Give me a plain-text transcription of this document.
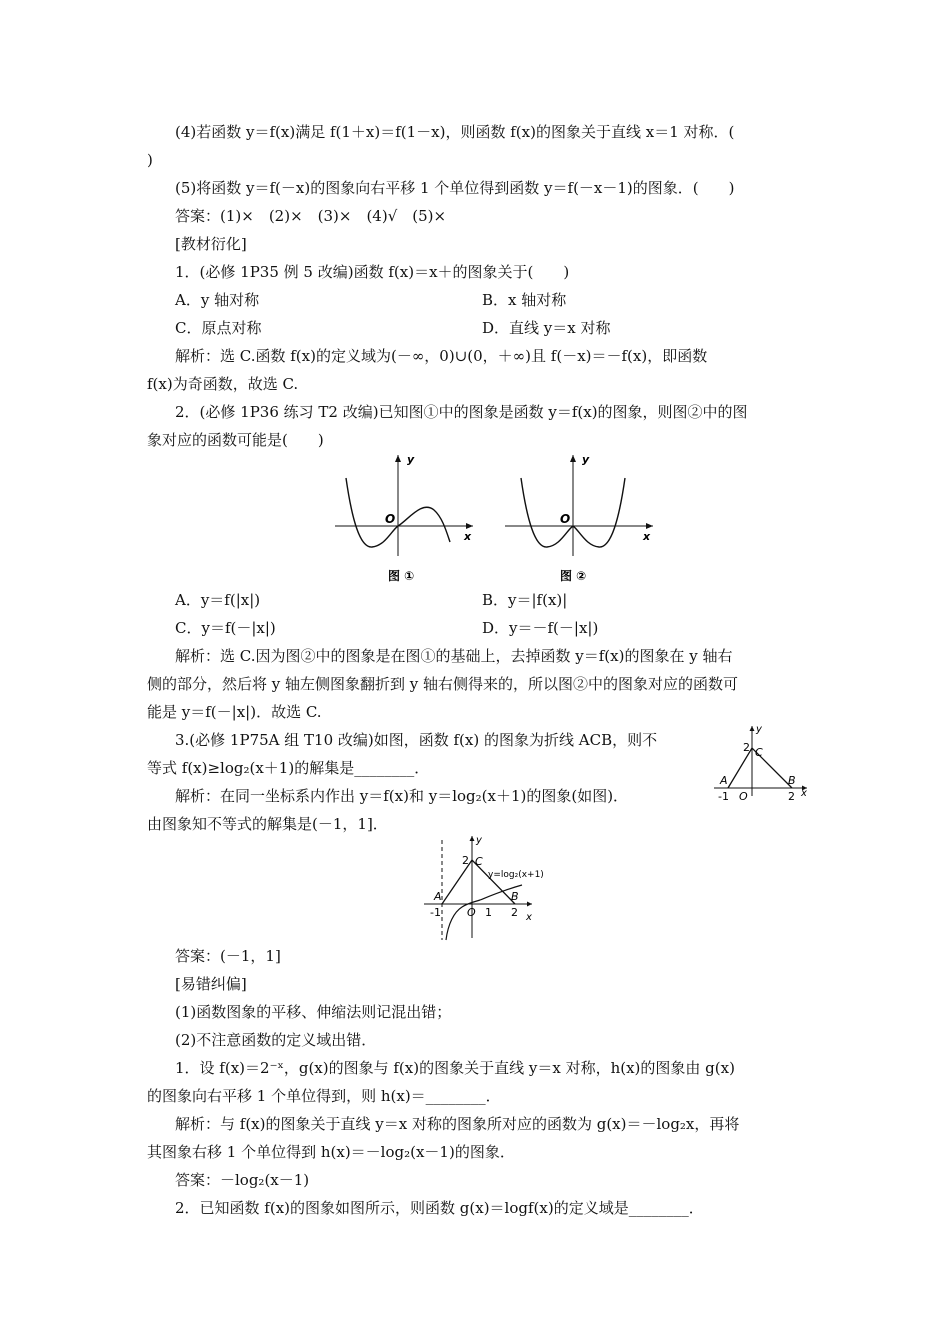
(4)若函数 y＝f(x)满足 f(1＋x)＝f(1－x)，则函数 f(x)的图象关于直线 x＝1 对称．(
)
(5)将函数 y＝f(－x)的图象向右平移 1 个单位得到函数 y＝f(－x－1)的图象．(　　)
答案：(1)×　(2)×　(3)×　(4)√　(5)×
[教材衍化]
1．(必修 1P35 例 5 改编)函数 f(x)＝x＋的图象关于(　　)
A．y 轴对称	B．x 轴对称
C．原点对称	D．直线 y＝x 对称
解析：选 C.函数 f(x)的定义域为(－∞，0)∪(0，＋∞)且 f(－x)＝－f(x)，即函数
f(x)为奇函数，故选 C.
2．(必修 1P36 练习 T2 改编)已知图①中的图象是函数 y＝f(x)的图象，则图②中的图
象对应的函数可能是(　　)
y
x
O
图 ①
y
x
O
图 ②
A．y＝f(|x|)	B．y＝|f(x)|
C．y＝f(－|x|)	D．y＝－f(－|x|)
解析：选 C.因为图②中的图象是在图①的基础上，去掉函数 y＝f(x)的图象在 y 轴右
侧的部分，然后将 y 轴左侧图象翻折到 y 轴右侧得来的，所以图②中的图象对应的函数可
能是 y＝f(－|x|)．故选 C.
3.(必修 1P75A 组 T10 改编)如图，函数 f(x) 的图象为折线 ACB，则不
等式 f(x)≥log₂(x＋1)的解集是________．
解析：在同一坐标系内作出 y＝f(x)和 y＝log₂(x＋1)的图象(如图)．
由图象知不等式的解集是(－1，1]．
y
x
C
2
A
-1 O
B
2
y
x
C
2
A
-1 O 1
B
2
y=log₂(x+1)
答案：(－1，1]
[易错纠偏]
(1)函数图象的平移、伸缩法则记混出错；
(2)不注意函数的定义域出错．
1．设 f(x)＝2⁻ˣ，g(x)的图象与 f(x)的图象关于直线 y＝x 对称，h(x)的图象由 g(x)
的图象向右平移 1 个单位得到，则 h(x)＝________．
解析：与 f(x)的图象关于直线 y＝x 对称的图象所对应的函数为 g(x)＝－log₂x，再将
其图象右移 1 个单位得到 h(x)＝－log₂(x－1)的图象．
答案：－log₂(x－1)
2．已知函数 f(x)的图象如图所示，则函数 g(x)＝logf(x)的定义域是________．
